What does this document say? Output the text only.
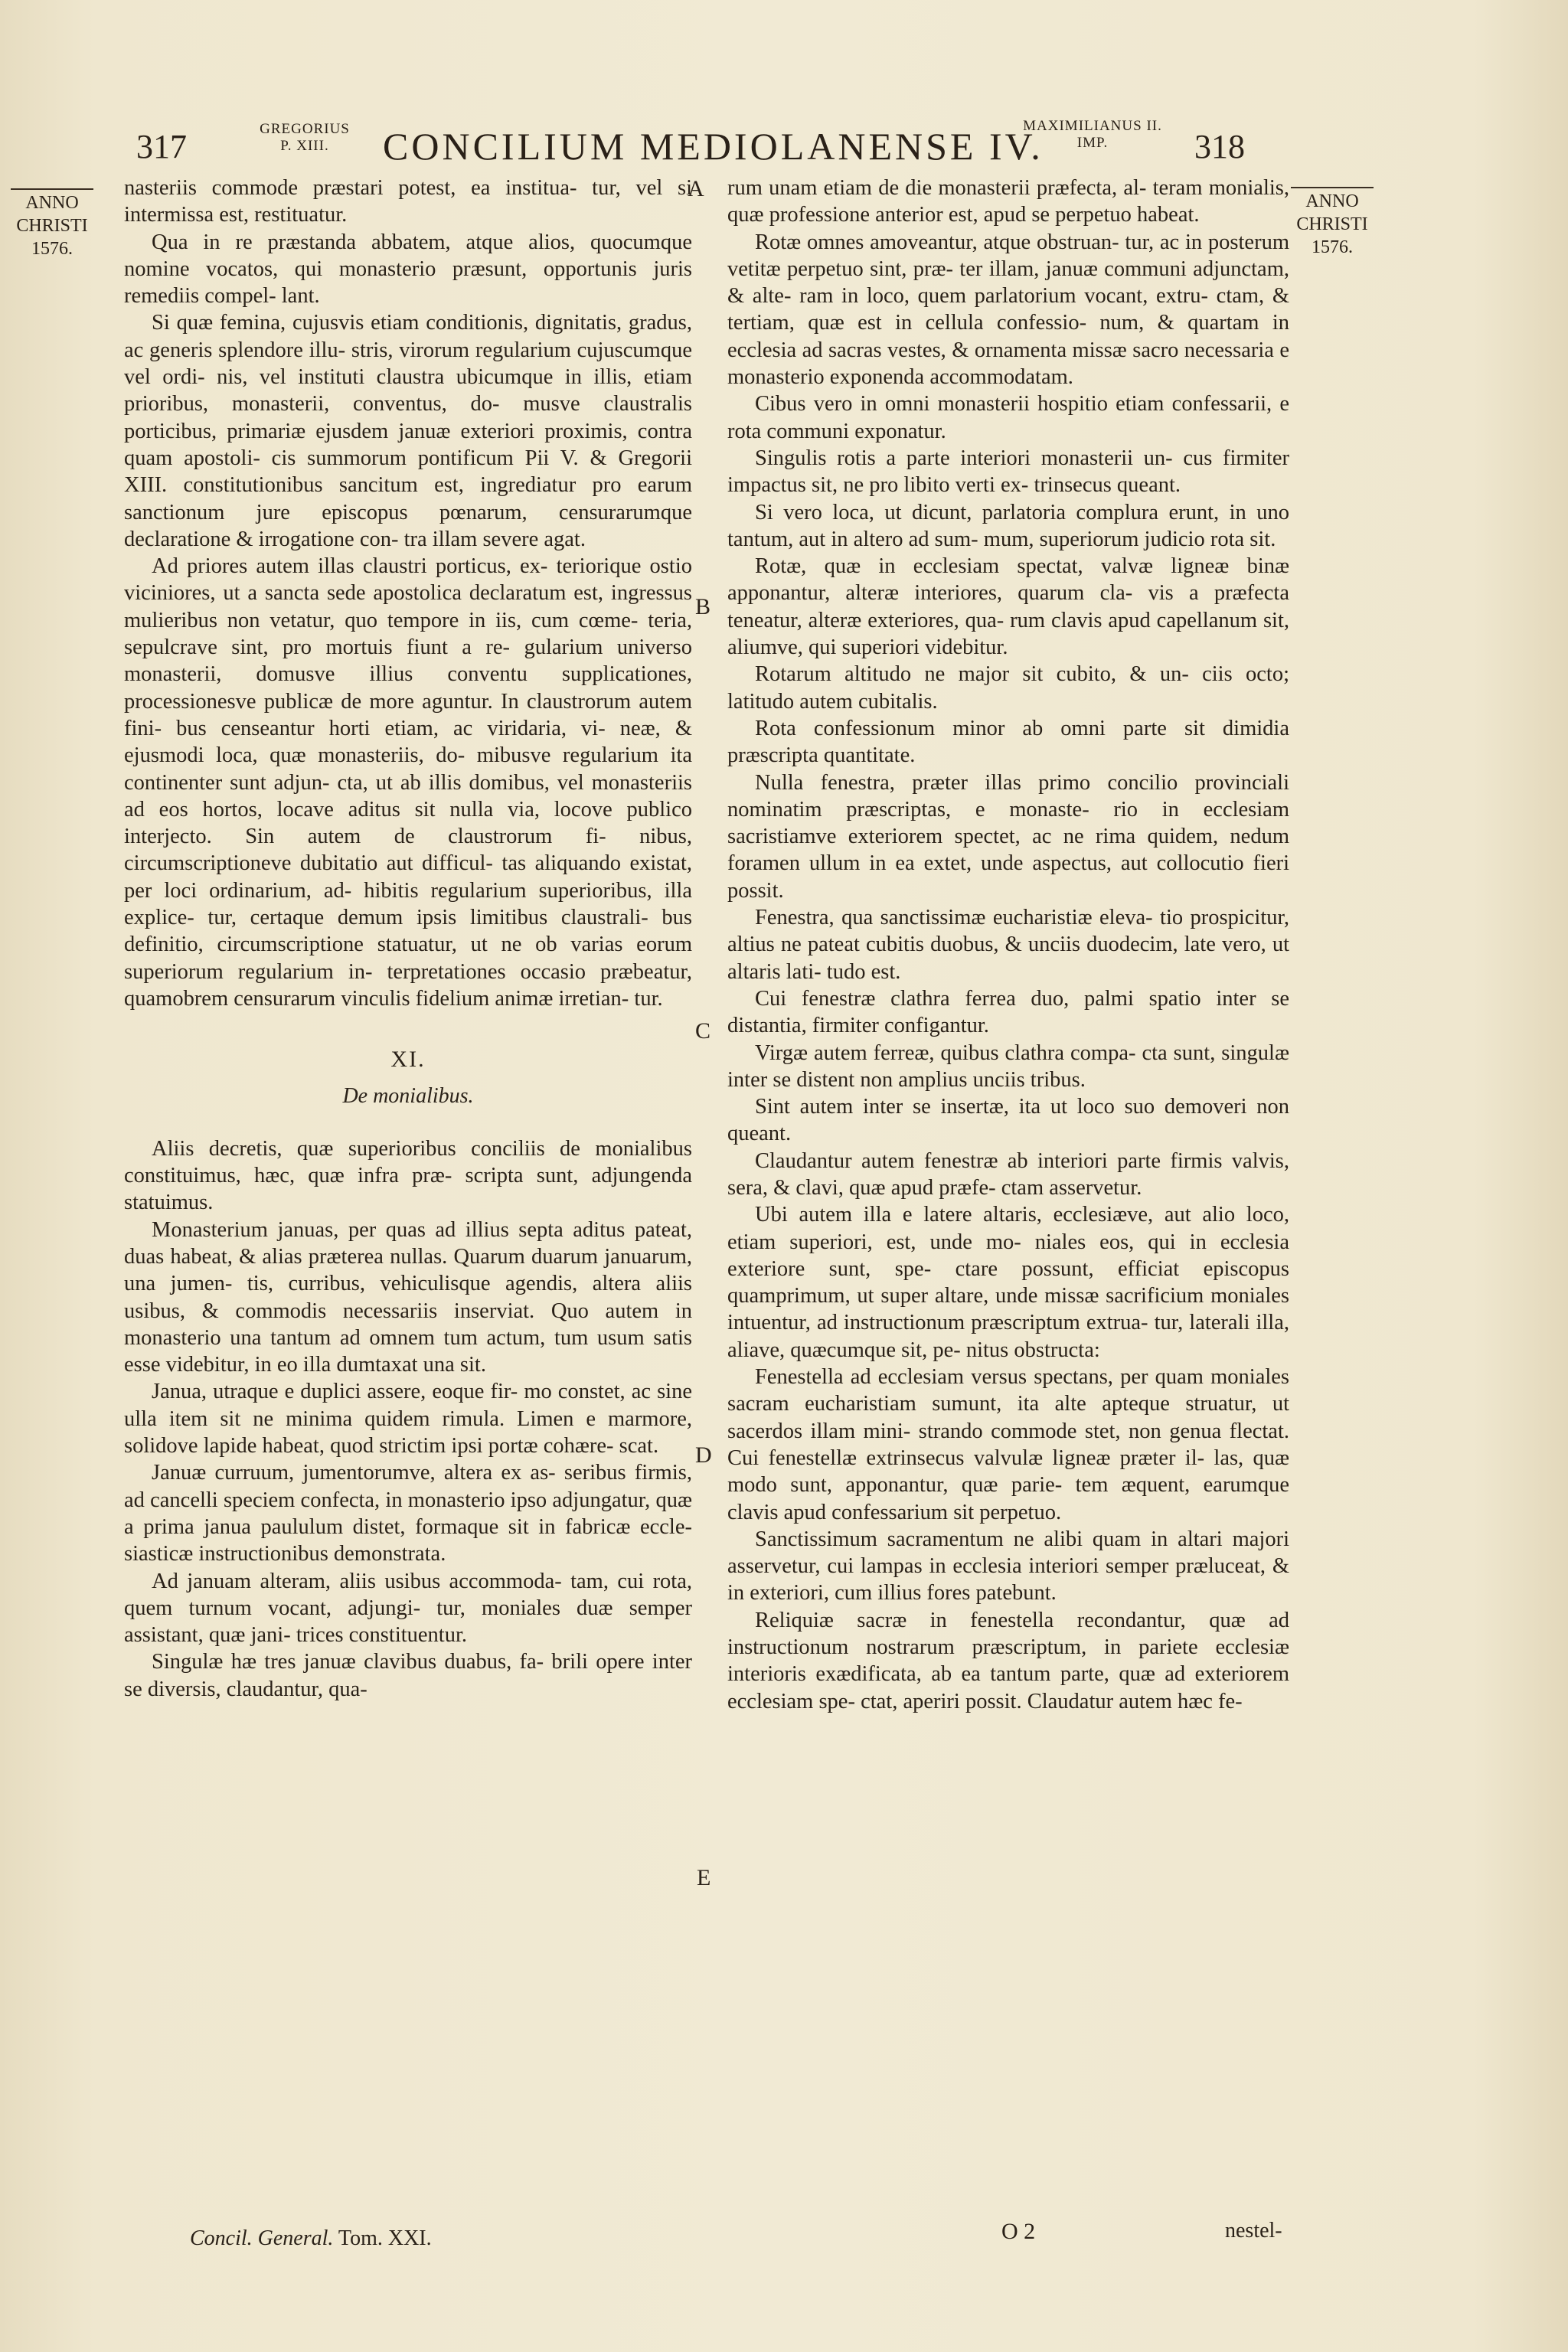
317	GREGORIUS
P. XIII.	CONCILIUM MEDIOLANENSE IV.
MAXIMILIANUS II.
IMP.	318
ANNO
CHRISTI
1576.
ANNO
CHRISTI
1576.

nasteriis commode præstari potest, ea institua- tur, vel si intermissa est, restituatur.

Qua in re præstanda abbatem, atque alios, quocumque nomine vocatos, qui monasterio præsunt, opportunis juris remediis compel- lant.

Si quæ femina, cujusvis etiam conditionis, dignitatis, gradus, ac generis splendore illu- stris, virorum regularium cujuscumque vel ordi- nis, vel instituti claustra ubicumque in illis, etiam prioribus, monasterii, conventus, do- musve claustralis porticibus, primariæ ejusdem januæ exteriori proximis, contra quam apostoli- cis summorum pontificum Pii V. & Gregorii XIII. constitutionibus sancitum est, ingrediatur pro earum sanctionum jure episcopus pœnarum, censurarumque declaratione & irrogatione con- tra illam severe agat.

Ad priores autem illas claustri porticus, ex- teriorique ostio viciniores, ut a sancta sede apostolica declaratum est, ingressus mulieribus non vetatur, quo tempore in iis, cum cœme- teria, sepulcrave sint, pro mortuis fiunt a re- gularium universo monasterii, domusve illius conventu supplicationes, processionesve publicæ de more aguntur. In claustrorum autem fini- bus censeantur horti etiam, ac viridaria, vi- neæ, & ejusmodi loca, quæ monasteriis, do- mibusve regularium ita continenter sunt adjun- cta, ut ab illis domibus, vel monasteriis ad eos hortos, locave aditus sit nulla via, locove publico interjecto. Sin autem de claustrorum fi- nibus, circumscriptioneve dubitatio aut difficul- tas aliquando existat, per loci ordinarium, ad- hibitis regularium superioribus, illa explice- tur, certaque demum ipsis limitibus claustrali- bus definitio, circumscriptione statuatur, ut ne ob varias eorum superiorum regularium in- terpretationes occasio præbeatur, quamobrem censurarum vinculis fidelium animæ irretian- tur.

XI.
De monialibus.

Aliis decretis, quæ superioribus conciliis de monialibus constituimus, hæc, quæ infra præ- scripta sunt, adjungenda statuimus.

Monasterium januas, per quas ad illius septa aditus pateat, duas habeat, & alias præterea nullas. Quarum duarum januarum, una jumen- tis, curribus, vehiculisque agendis, altera aliis usibus, & commodis necessariis inserviat. Quo autem in monasterio una tantum ad omnem tum actum, tum usum satis esse videbitur, in eo illa dumtaxat una sit.

Janua, utraque e duplici assere, eoque fir- mo constet, ac sine ulla item sit ne minima quidem rimula. Limen e marmore, solidove lapide habeat, quod strictim ipsi portæ cohære- scat.

Januæ curruum, jumentorumve, altera ex as- seribus firmis, ad cancelli speciem confecta, in monasterio ipso adjungatur, quæ a prima janua paululum distet, formaque sit in fabricæ eccle- siasticæ instructionibus demonstrata.

Ad januam alteram, aliis usibus accommoda- tam, cui rota, quem turnum vocant, adjungi- tur, moniales duæ semper assistant, quæ jani- trices constituentur.

Singulæ hæ tres januæ clavibus duabus, fa- brili opere inter se diversis, claudantur, qua-

A
B
C
D
E

rum unam etiam de die monasterii præfecta, al- teram monialis, quæ professione anterior est, apud se perpetuo habeat.

Rotæ omnes amoveantur, atque obstruan- tur, ac in posterum vetitæ perpetuo sint, præ- ter illam, januæ communi adjunctam, & alte- ram in loco, quem parlatorium vocant, extru- ctam, & tertiam, quæ est in cellula confessio- num, & quartam in ecclesia ad sacras vestes, & ornamenta missæ sacro necessaria e monasterio exponenda accommodatam.

Cibus vero in omni monasterii hospitio etiam confessarii, e rota communi exponatur.

Singulis rotis a parte interiori monasterii un- cus firmiter impactus sit, ne pro libito verti ex- trinsecus queant.

Si vero loca, ut dicunt, parlatoria complura erunt, in uno tantum, aut in altero ad sum- mum, superiorum judicio rota sit.

Rotæ, quæ in ecclesiam spectat, valvæ ligneæ binæ apponantur, alteræ interiores, quarum cla- vis a præfecta teneatur, alteræ exteriores, qua- rum clavis apud capellanum sit, aliumve, qui superiori videbitur.

Rotarum altitudo ne major sit cubito, & un- ciis octo; latitudo autem cubitalis.

Rota confessionum minor ab omni parte sit dimidia præscripta quantitate.

Nulla fenestra, præter illas primo concilio provinciali nominatim præscriptas, e monaste- rio in ecclesiam sacristiamve exteriorem spectet, ac ne rima quidem, nedum foramen ullum in ea extet, unde aspectus, aut collocutio fieri possit.

Fenestra, qua sanctissimæ eucharistiæ eleva- tio prospicitur, altius ne pateat cubitis duobus, & unciis duodecim, late vero, ut altaris lati- tudo est.

Cui fenestræ clathra ferrea duo, palmi spatio inter se distantia, firmiter configantur.

Virgæ autem ferreæ, quibus clathra compa- cta sunt, singulæ inter se distent non amplius unciis tribus.

Sint autem inter se insertæ, ita ut loco suo demoveri non queant.

Claudantur autem fenestræ ab interiori parte firmis valvis, sera, & clavi, quæ apud præfe- ctam asservetur.

Ubi autem illa e latere altaris, ecclesiæve, aut alio loco, etiam superiori, est, unde mo- niales eos, qui in ecclesia exteriore sunt, spe- ctare possunt, efficiat episcopus quamprimum, ut super altare, unde missæ sacrificium moniales intuentur, ad instructionum præscriptum extrua- tur, laterali illa, aliave, quæcumque sit, pe- nitus obstructa:

Fenestella ad ecclesiam versus spectans, per quam moniales sacram eucharistiam sumunt, ita alte apteque struatur, ut sacerdos illam mini- strando commode stet, non genua flectat. Cui fenestellæ extrinsecus valvulæ ligneæ præter il- las, quæ modo sunt, apponantur, quæ parie- tem æquent, earumque clavis apud confessarium sit perpetuo.

Sanctissimum sacramentum ne alibi quam in altari majori asservetur, cui lampas in ecclesia interiori semper præluceat, & in exteriori, cum illius fores patebunt.

Reliquiæ sacræ in fenestella recondantur, quæ ad instructionum nostrarum præscriptum, in pariete ecclesiæ interioris exædificata, ab ea tantum parte, quæ ad exteriorem ecclesiam spe- ctat, aperiri possit. Claudatur autem hæc fe-

Concil. General. Tom. XXI.	O 2	nestel-
